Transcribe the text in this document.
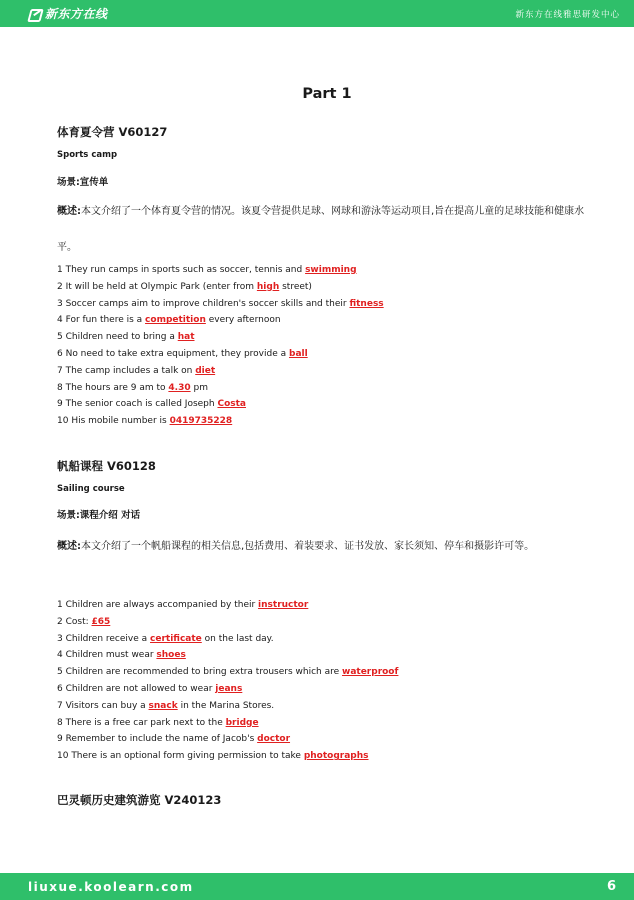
新东方在线	新东方在线雅思研发中心
Part 1
体育夏令营 V60127
Sports camp
场景:宣传单
概述:本文介绍了一个体育夏令营的情况。该夏令营提供足球、网球和游泳等运动项目,旨在提高儿童的足球技能和健康水平。
1 They run camps in sports such as soccer, tennis and swimming
2 It will be held at Olympic Park (enter from high street)
3 Soccer camps aim to improve children's soccer skills and their fitness
4 For fun there is a competition every afternoon
5 Children need to bring a hat
6 No need to take extra equipment, they provide a ball
7 The camp includes a talk on diet
8 The hours are 9 am to 4.30 pm
9 The senior coach is called Joseph Costa
10 His mobile number is 0419735228
帆船课程 V60128
Sailing course
场景:课程介绍 对话
概述:本文介绍了一个帆船课程的相关信息,包括费用、着装要求、证书发放、家长须知、停车和摄影许可等。
1 Children are always accompanied by their instructor
2 Cost: £65
3 Children receive a certificate on the last day.
4 Children must wear shoes
5 Children are recommended to bring extra trousers which are waterproof
6 Children are not allowed to wear jeans
7 Visitors can buy a snack in the Marina Stores.
8 There is a free car park next to the bridge
9 Remember to include the name of Jacob's doctor
10 There is an optional form giving permission to take photographs
巴灵顿历史建筑游览 V240123
liuxue.koolearn.com	6
